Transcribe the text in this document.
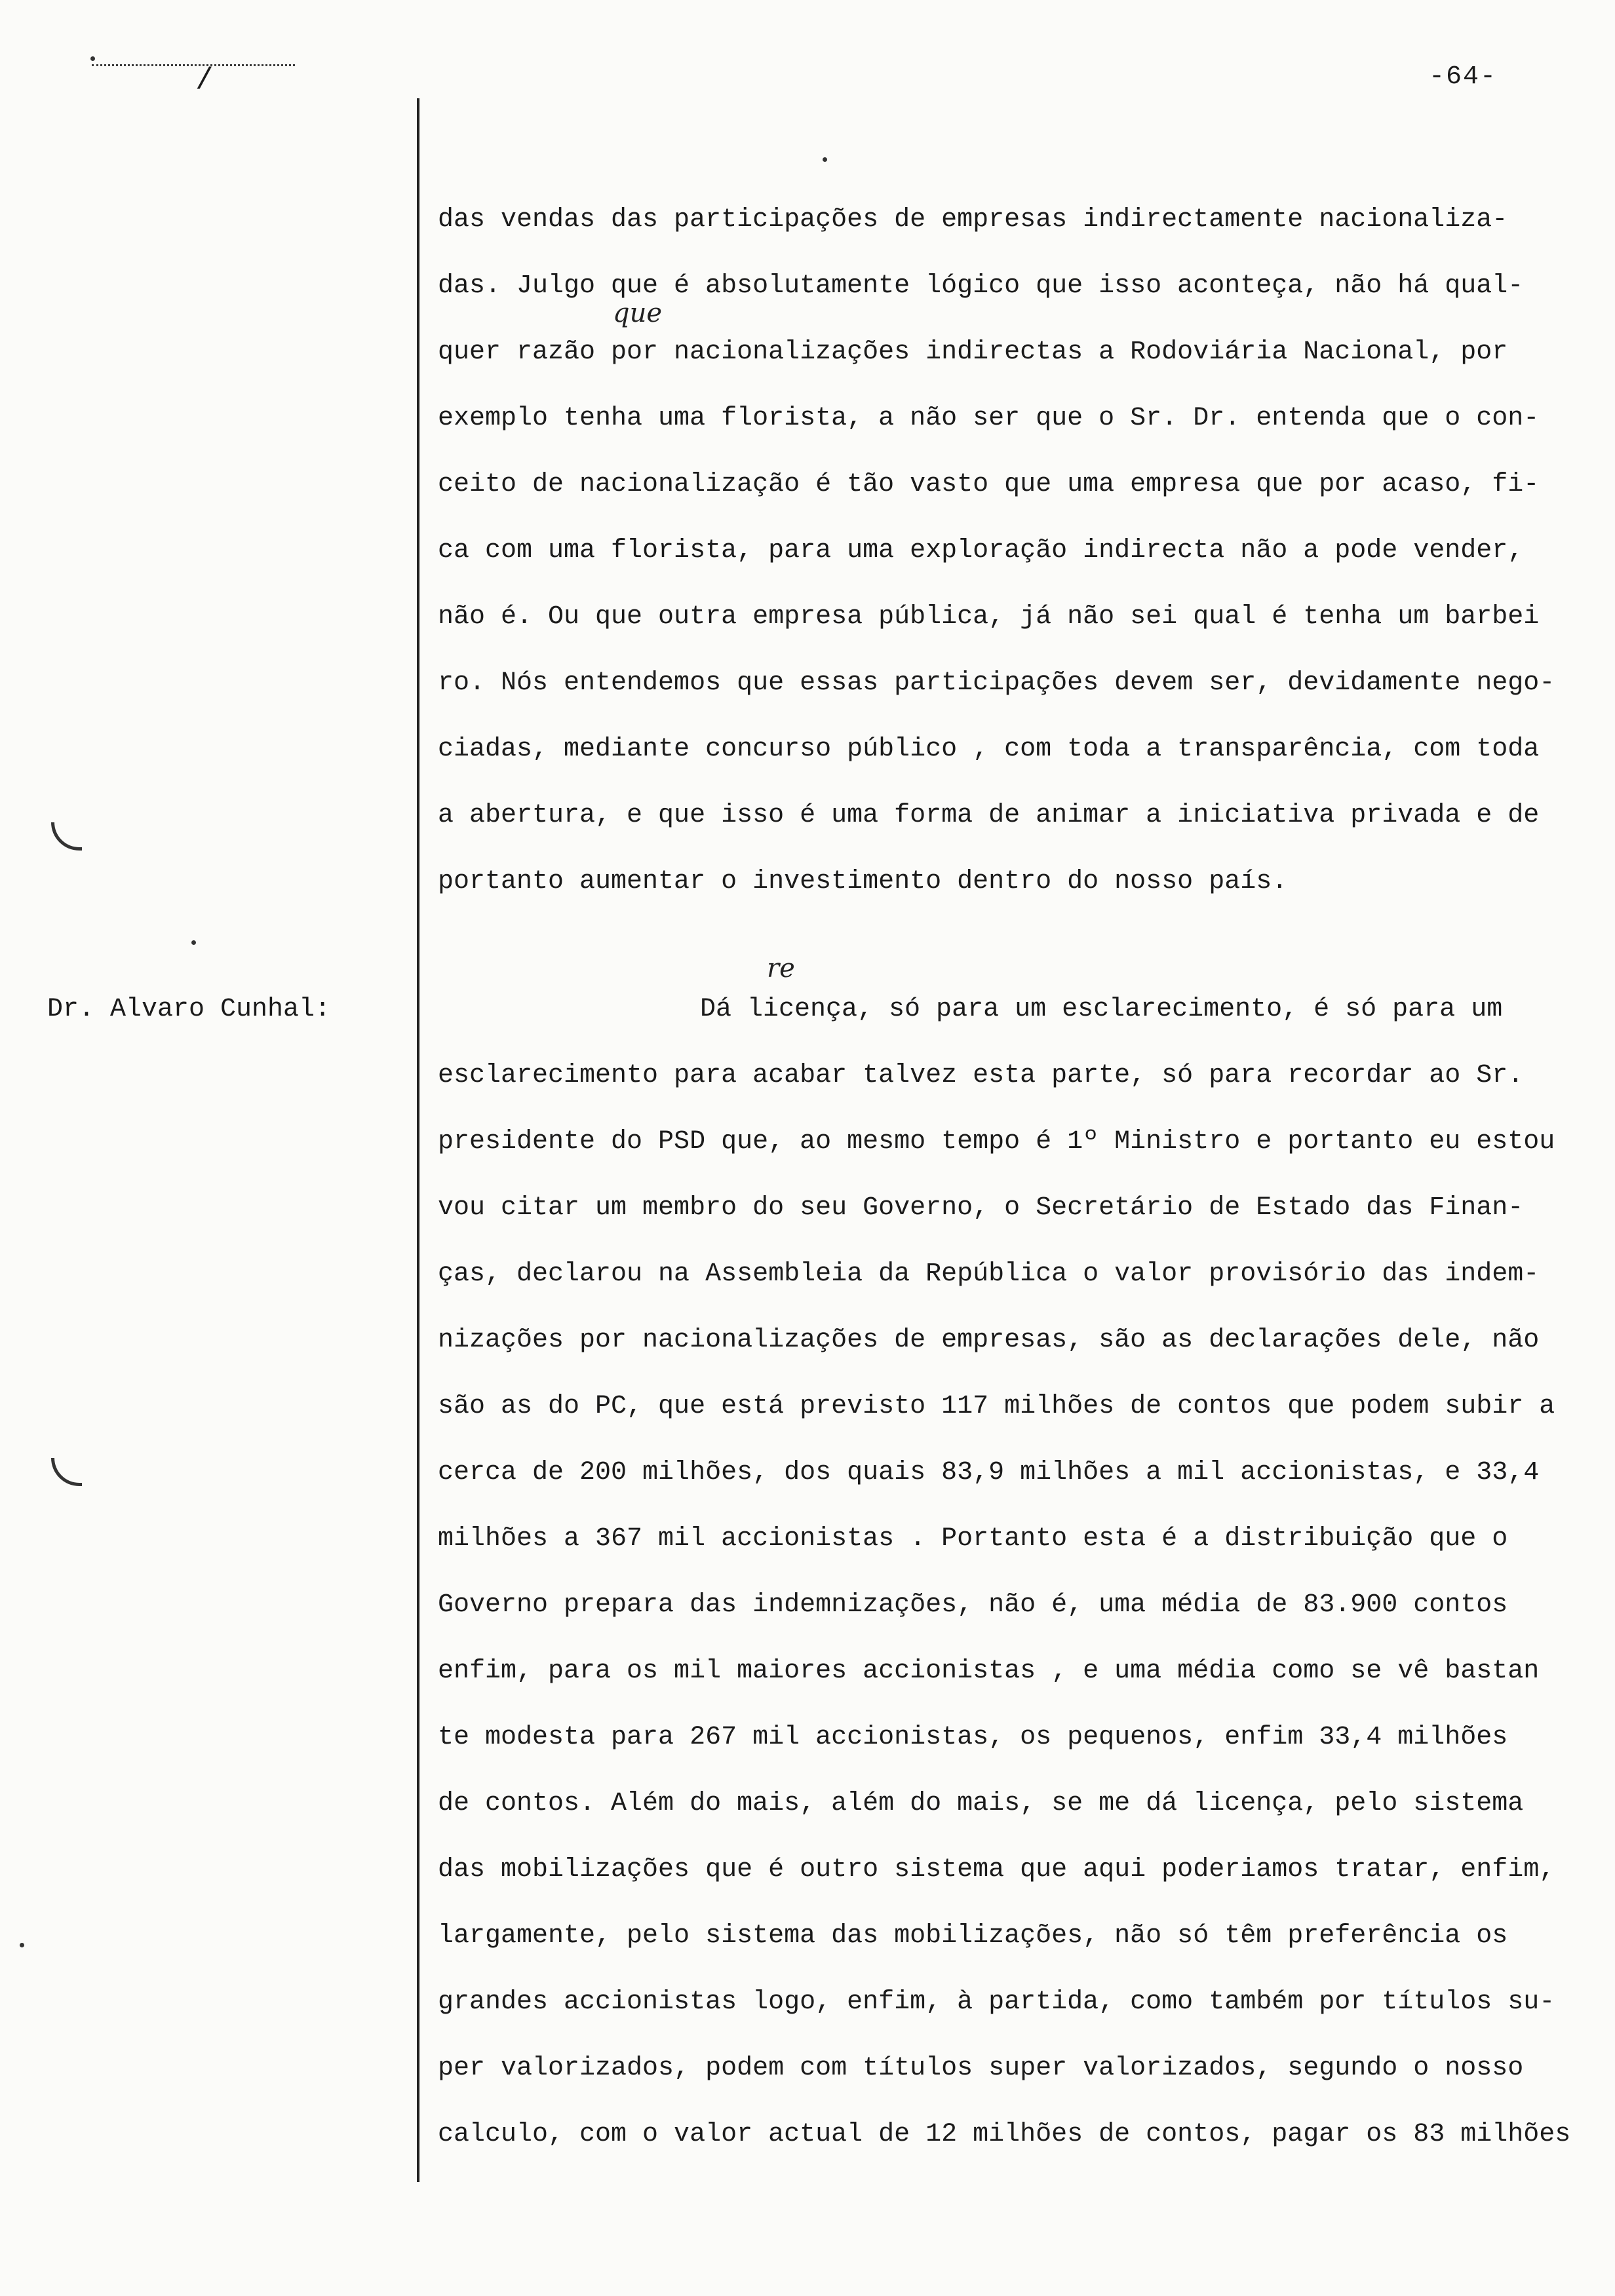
/	-64-
que
re
das vendas das participações de empresas indirectamente nacionaliza-
das. Julgo que é absolutamente lógico que isso aconteça, não há qual-
quer razão por nacionalizações indirectas a Rodoviária Nacional, por
exemplo tenha uma florista, a não ser que o Sr. Dr. entenda que o con-
ceito de nacionalização é tão vasto que uma empresa que por acaso, fi-
ca com uma florista, para uma exploração indirecta não a pode vender,
não é. Ou que outra empresa pública, já não sei qual é tenha um barbei
ro. Nós entendemos que essas participações devem ser, devidamente nego-
ciadas, mediante concurso público , com toda a transparência, com toda
a abertura, e que isso é uma forma de animar a iniciativa privada e de
portanto aumentar o investimento dentro do nosso país.
Dr. Alvaro Cunhal:	Dá licença, só para um esclarecimento, é só para um
esclarecimento para acabar talvez esta parte, só para recordar ao Sr.
presidente do PSD que, ao mesmo tempo é 1º Ministro e portanto eu estou
vou citar um membro do seu Governo, o Secretário de Estado das Finan-
ças, declarou na Assembleia da República o valor provisório das indem-
nizações por nacionalizações de empresas, são as declarações dele, não
são as do PC, que está previsto 117 milhões de contos que podem subir a
cerca de 200 milhões, dos quais 83,9 milhões a mil accionistas, e 33,4
milhões a 367 mil accionistas . Portanto esta é a distribuição que o
Governo prepara das indemnizações, não é, uma média de 83.900 contos
enfim, para os mil maiores accionistas , e uma média como se vê bastan
te modesta para 267 mil accionistas, os pequenos, enfim 33,4 milhões
de contos. Além do mais, além do mais, se me dá licença, pelo sistema
das mobilizações que é outro sistema que aqui poderiamos tratar, enfim,
largamente, pelo sistema das mobilizações, não só têm preferência os
grandes accionistas logo, enfim, à partida, como também por títulos su-
per valorizados, podem com títulos super valorizados, segundo o nosso
calculo, com o valor actual de 12 milhões de contos, pagar os 83 milhões
